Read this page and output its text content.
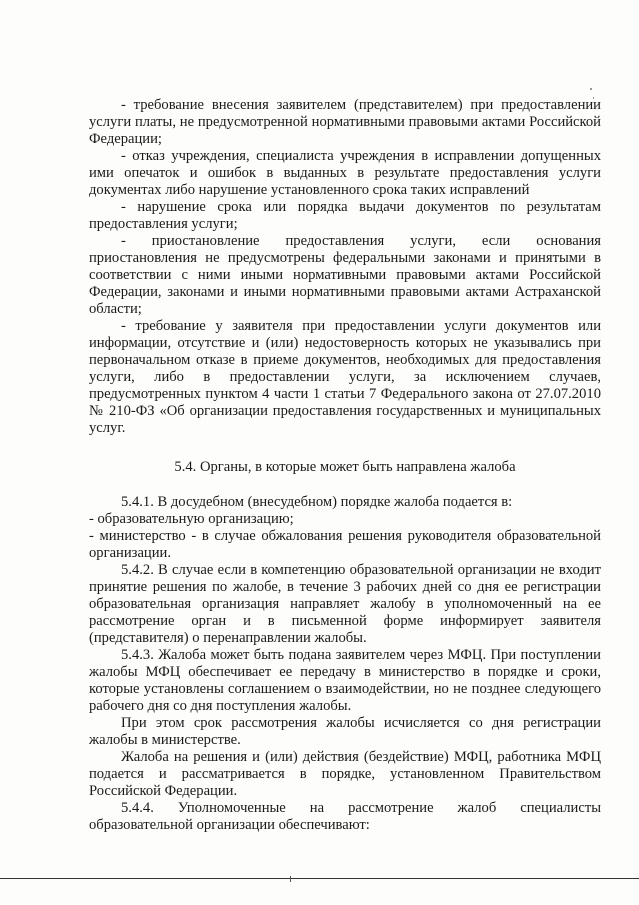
- требование внесения заявителем (представителем) при предоставлении услуги платы, не предусмотренной нормативными правовыми актами Российской Федерации;

- отказ учреждения, специалиста учреждения в исправлении допущенных ими опечаток и ошибок в выданных в результате предоставления услуги документах либо нарушение установленного срока таких исправлений

- нарушение срока или порядка выдачи документов по результатам предоставления услуги;

- приостановление предоставления услуги, если основания приостановления не предусмотрены федеральными законами и принятыми в соответствии с ними иными нормативными правовыми актами Российской Федерации, законами и иными нормативными правовыми актами Астраханской области;

- требование у заявителя при предоставлении услуги документов или информации, отсутствие и (или) недостоверность которых не указывались при первоначальном отказе в приеме документов, необходимых для предоставления услуги, либо в предоставлении услуги, за исключением случаев, предусмотренных пунктом 4 части 1 статьи 7 Федерального закона от 27.07.2010 № 210-ФЗ «Об организации предоставления государственных и муниципальных услуг.

5.4. Органы, в которые может быть направлена жалоба

5.4.1. В досудебном (внесудебном) порядке жалоба подается в:

- образовательную организацию;

- министерство - в случае обжалования решения руководителя образовательной организации.

5.4.2. В случае если в компетенцию образовательной организации не входит принятие решения по жалобе, в течение 3 рабочих дней со дня ее регистрации образовательная организация направляет жалобу в уполномоченный на ее рассмотрение орган и в письменной форме информирует заявителя (представителя) о перенаправлении жалобы.

5.4.3. Жалоба может быть подана заявителем через МФЦ. При поступлении жалобы МФЦ обеспечивает ее передачу в министерство в порядке и сроки, которые установлены соглашением о взаимодействии, но не позднее следующего рабочего дня со дня поступления жалобы.

При этом срок рассмотрения жалобы исчисляется со дня регистрации жалобы в министерстве.

Жалоба на решения и (или) действия (бездействие) МФЦ, работника МФЦ подается и рассматривается в порядке, установленном Правительством Российской Федерации.

5.4.4. Уполномоченные на рассмотрение жалоб специалисты образовательной организации обеспечивают:
